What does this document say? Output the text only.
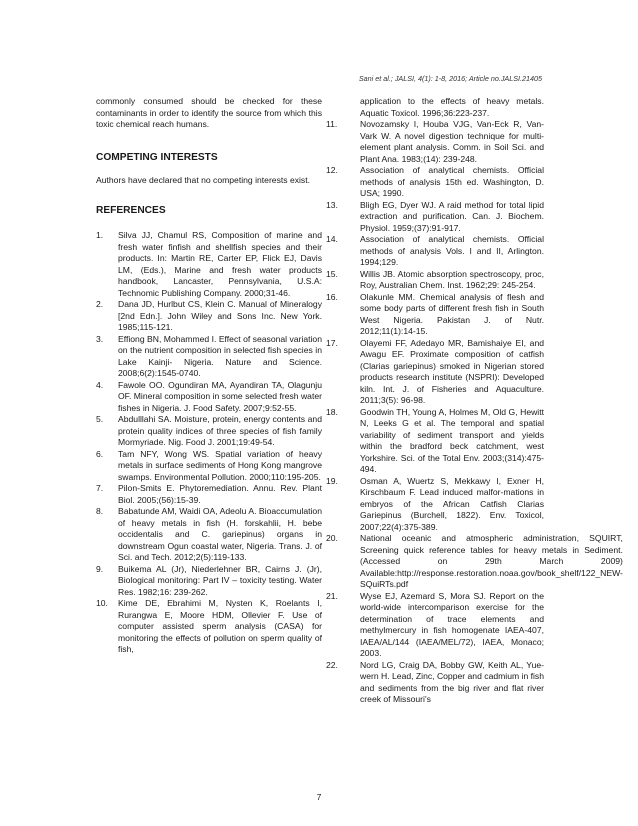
Sani et al.; JALSI, 4(1): 1-8, 2016; Article no.JALSI.21405

commonly consumed should be checked for these contaminants in order to identify the source from which this toxic chemical reach humans.

COMPETING INTERESTS

Authors have declared that no competing interests exist.

REFERENCES

1.	Silva JJ, Chamul RS, Composition of marine and fresh water finfish and shellfish species and their products. In: Martin RE, Carter EP, Flick EJ, Davis LM, (Eds.), Marine and fresh water products handbook, Lancaster, Pennsylvania, U.S.A: Technomic Publishing Company. 2000;31-46.
2.	Dana JD, Hurlbut CS, Klein C. Manual of Mineralogy [2nd Edn.]. John Wiley and Sons Inc. New York. 1985;115-121.
3.	Effiong BN, Mohammed I. Effect of seasonal variation on the nutrient composition in selected fish species in Lake Kainji- Nigeria. Nature and Science. 2008;6(2):1545-0740.
4.	Fawole OO. Ogundiran MA, Ayandiran TA, Olagunju OF. Mineral composition in some selected fresh water fishes in Nigeria. J. Food Safety. 2007;9:52-55.
5.	Abdulllahi SA. Moisture, protein, energy contents and protein quality indices of three species of fish family Mormyriade. Nig. Food J. 2001;19:49-54.
6.	Tam NFY, Wong WS. Spatial variation of heavy metals in surface sediments of Hong Kong mangrove swamps. Environmental Pollution. 2000;110:195-205.
7.	Pilon-Smits E. Phytoremediation. Annu. Rev. Plant Biol. 2005;(56):15-39.
8.	Babatunde AM, Waidi OA, Adeolu A. Bioaccumulation of heavy metals in fish (H. forskahlii, H. bebe occidentalis and C. gariepinus) organs in downstream Ogun coastal water, Nigeria. Trans. J. of Sci. and Tech. 2012;2(5):119-133.
9.	Buikema AL (Jr), Niederlehner BR, Cairns J. (Jr), Biological monitoring: Part IV – toxicity testing. Water Res. 1982;16: 239-262.
10.	Kime DE, Ebrahimi M, Nysten K, Roelants I, Rurangwa E, Moore HDM, Ollevier F. Use of computer assisted sperm analysis (CASA) for monitoring the effects of pollution on sperm quality of fish,
application to the effects of heavy metals. Aquatic Toxicol. 1996;36:223-237.
11.	Novozamsky I, Houba VJG, Van-Eck R, Van-Vark W. A novel digestion technique for multi-element plant analysis. Comm. in Soil Sci. and Plant Ana. 1983;(14): 239-248.
12.	Association of analytical chemists. Official methods of analysis 15th ed. Washington, D. USA; 1990.
13.	Bligh EG, Dyer WJ. A raid method for total lipid extraction and purification. Can. J. Biochem. Physiol. 1959;(37):91-917.
14.	Association of analytical chemists. Official methods of analysis Vols. I and II, Arlington. 1994;129.
15.	Willis JB. Atomic absorption spectroscopy, proc, Roy, Australian Chem. Inst. 1962;29: 245-254.
16.	Olakunle MM. Chemical analysis of flesh and some body parts of different fresh fish in South West Nigeria. Pakistan J. of Nutr. 2012;11(1):14-15.
17.	Olayemi FF, Adedayo MR, Bamishaiye EI, and Awagu EF. Proximate composition of catfish (Clarias gariepinus) smoked in Nigerian stored products research institute (NSPRI): Developed kiln. Int. J. of Fisheries and Aquaculture. 2011;3(5): 96-98.
18.	Goodwin TH, Young A, Holmes M, Old G, Hewitt N, Leeks G et al. The temporal and spatial variability of sediment transport and yields within the bradford beck catchment, west Yorkshire. Sci. of the Total Env. 2003;(314):475-494.
19.	Osman A, Wuertz S, Mekkawy I, Exner H, Kirschbaum F. Lead induced malfor-mations in embryos of the African Catfish Clarias Gariepinus (Burchell, 1822). Env. Toxicol, 2007;22(4):375-389.
20.	National oceanic and atmospheric administration, SQUIRT, Screening quick reference tables for heavy metals in Sediment. (Accessed on 29th March 2009) Available:http://response.restoration.noaa.gov/book_shelf/122_NEW-SQuiRTs.pdf
21.	Wyse EJ, Azemard S, Mora SJ. Report on the world-wide intercomparison exercise for the determination of trace elements and methylmercury in fish homogenate IAEA-407, IAEA/AL/144 (IAEA/MEL/72), IAEA, Monaco; 2003.
22.	Nord LG, Craig DA, Bobby GW, Keith AL, Yue-wern H. Lead, Zinc, Copper and cadmium in fish and sediments from the big river and flat river creek of Missouri's
7
